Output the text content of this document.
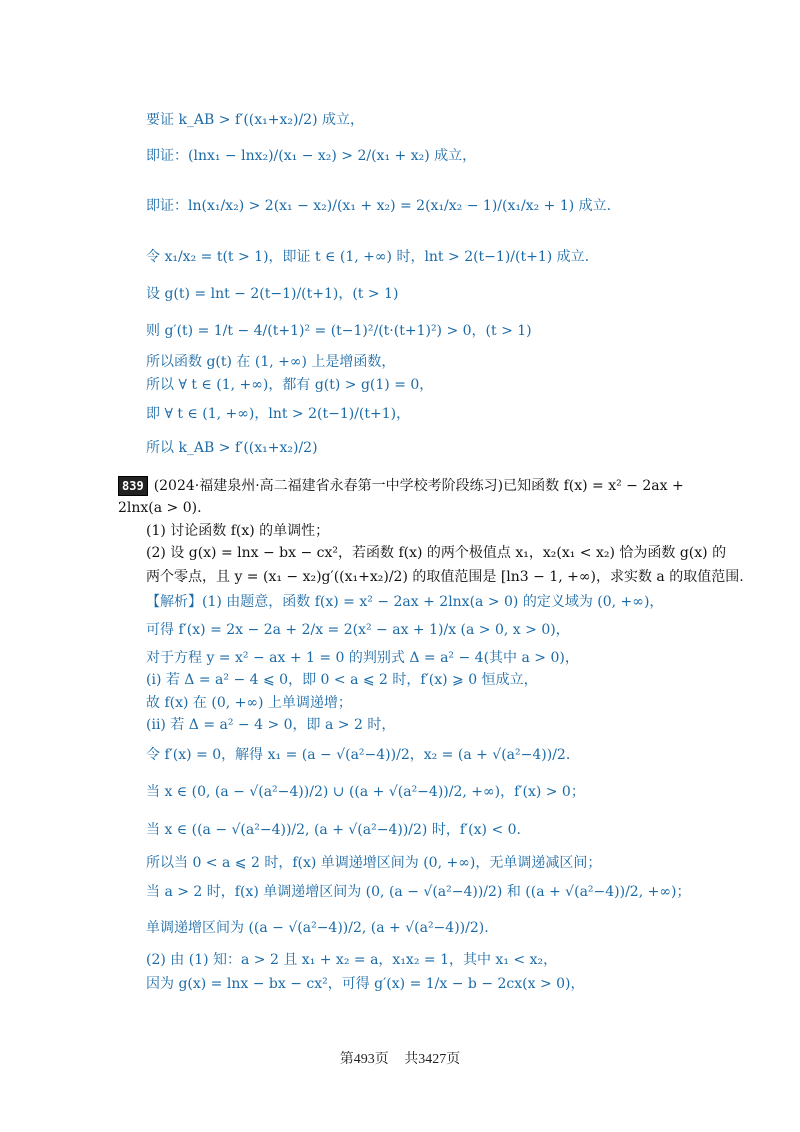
要证 k_AB > f′((x₁+x₂)/2) 成立，
即证：(lnx₁ − lnx₂)/(x₁ − x₂) > 2/(x₁ + x₂) 成立，
即证：ln(x₁/x₂) > 2(x₁ − x₂)/(x₁ + x₂) = 2(x₁/x₂ − 1)/(x₁/x₂ + 1) 成立.
令 x₁/x₂ = t(t > 1)，即证 t ∈ (1, +∞) 时，lnt > 2(t−1)/(t+1) 成立.
设 g(t) = lnt − 2(t−1)/(t+1)，(t > 1)
则 g′(t) = 1/t − 4/(t+1)² = (t−1)²/(t·(t+1)²) > 0，(t > 1)
所以函数 g(t) 在 (1, +∞) 上是增函数，
所以 ∀ t ∈ (1, +∞)，都有 g(t) > g(1) = 0，
即 ∀ t ∈ (1, +∞)，lnt > 2(t−1)/(t+1)，
所以 k_AB > f′((x₁+x₂)/2)
839 (2024·福建泉州·高二福建省永春第一中学校考阶段练习)已知函数 f(x) = x² − 2ax +
2lnx(a > 0).
(1) 讨论函数 f(x) 的单调性；
(2) 设 g(x) = lnx − bx − cx²，若函数 f(x) 的两个极值点 x₁，x₂(x₁ < x₂) 恰为函数 g(x) 的
两个零点，且 y = (x₁ − x₂)g′((x₁+x₂)/2) 的取值范围是 [ln3 − 1, +∞)，求实数 a 的取值范围.
【解析】(1) 由题意，函数 f(x) = x² − 2ax + 2lnx(a > 0) 的定义域为 (0, +∞)，
可得 f′(x) = 2x − 2a + 2/x = 2(x² − ax + 1)/x (a > 0, x > 0)，
对于方程 y = x² − ax + 1 = 0 的判别式 Δ = a² − 4(其中 a > 0)，
(i) 若 Δ = a² − 4 ⩽ 0，即 0 < a ⩽ 2 时，f′(x) ⩾ 0 恒成立，
故 f(x) 在 (0, +∞) 上单调递增；
(ii) 若 Δ = a² − 4 > 0，即 a > 2 时，
令 f′(x) = 0，解得 x₁ = (a − √(a²−4))/2，x₂ = (a + √(a²−4))/2.
当 x ∈ (0, (a − √(a²−4))/2) ∪ ((a + √(a²−4))/2, +∞)，f′(x) > 0；
当 x ∈ ((a − √(a²−4))/2, (a + √(a²−4))/2) 时，f′(x) < 0.
所以当 0 < a ⩽ 2 时，f(x) 单调递增区间为 (0, +∞)，无单调递减区间；
当 a > 2 时，f(x) 单调递增区间为 (0, (a − √(a²−4))/2) 和 ((a + √(a²−4))/2, +∞)；
单调递增区间为 ((a − √(a²−4))/2, (a + √(a²−4))/2).
(2) 由 (1) 知：a > 2 且 x₁ + x₂ = a，x₁x₂ = 1，其中 x₁ < x₂，
因为 g(x) = lnx − bx − cx²，可得 g′(x) = 1/x − b − 2cx(x > 0)，
第493页 共3427页
